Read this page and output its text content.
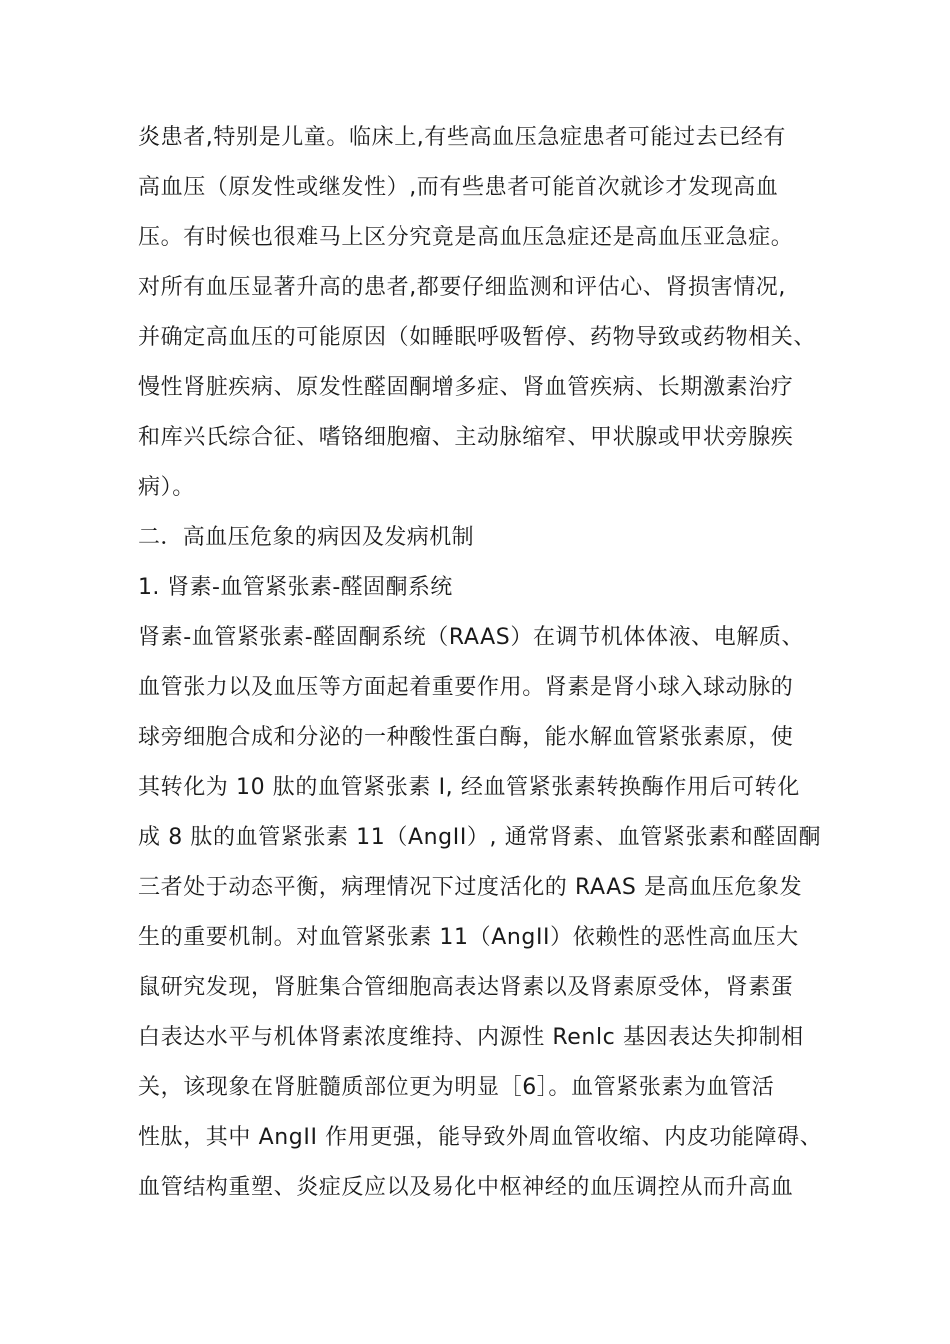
炎患者,特别是儿童。临床上,有些高血压急症患者可能过去已经有
高血压（原发性或继发性）,而有些患者可能首次就诊才发现高血
压。有时候也很难马上区分究竟是高血压急症还是高血压亚急症。
对所有血压显著升高的患者,都要仔细监测和评估心、肾损害情况,
并确定高血压的可能原因（如睡眠呼吸暂停、药物导致或药物相关、
慢性肾脏疾病、原发性醛固酮增多症、肾血管疾病、长期激素治疗
和库兴氏综合征、嗜铬细胞瘤、主动脉缩窄、甲状腺或甲状旁腺疾
病）。
二．高血压危象的病因及发病机制
1. 肾素-血管紧张素-醛固酮系统
肾素-血管紧张素-醛固酮系统（RAAS）在调节机体体液、电解质、
血管张力以及血压等方面起着重要作用。肾素是肾小球入球动脉的
球旁细胞合成和分泌的一种酸性蛋白酶，能水解血管紧张素原，使
其转化为 10 肽的血管紧张素 I, 经血管紧张素转换酶作用后可转化
成 8 肽的血管紧张素 11（AngII）, 通常肾素、血管紧张素和醛固酮
三者处于动态平衡，病理情况下过度活化的 RAAS 是高血压危象发
生的重要机制。对血管紧张素 11（AngII）依赖性的恶性高血压大
鼠研究发现，肾脏集合管细胞高表达肾素以及肾素原受体，肾素蛋
白表达水平与机体肾素浓度维持、内源性 Renlc 基因表达失抑制相
关，该现象在肾脏髓质部位更为明显［6］。血管紧张素为血管活
性肽，其中 AngII 作用更强，能导致外周血管收缩、内皮功能障碍、
血管结构重塑、炎症反应以及易化中枢神经的血压调控从而升高血
